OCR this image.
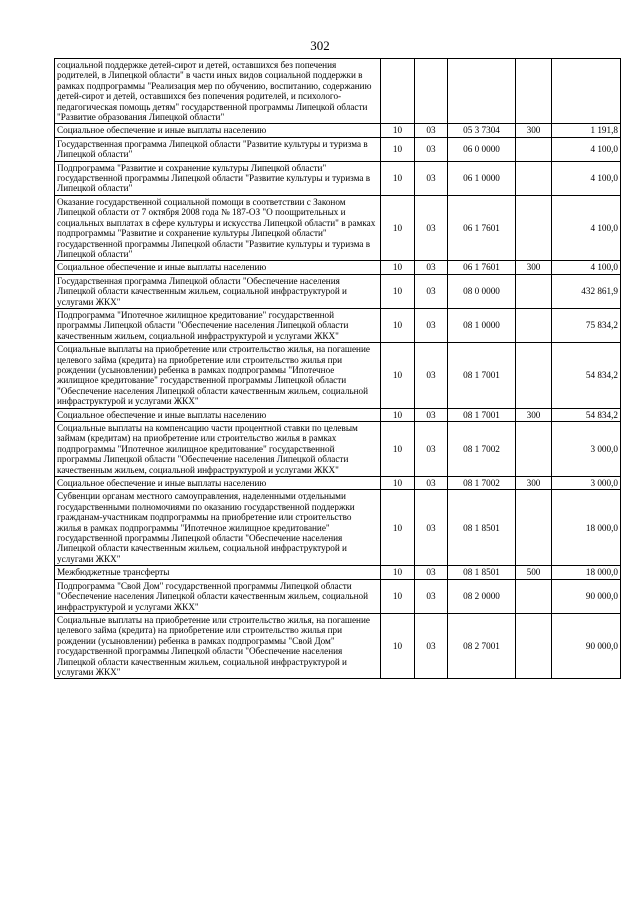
302
социальной поддержке детей-сирот и детей, оставшихся без попечения родителей, в Липецкой области" в части иных видов социальной поддержки в рамках подпрограммы "Реализация мер по обучению, воспитанию, содержанию детей-сирот и детей, оставшихся без попечения родителей, и психолого-педагогическая помощь детям" государственной программы Липецкой области "Развитие образования Липецкой области"					
Социальное обеспечение и иные выплаты населению	10	03	05 3 7304	300	1 191,8
Государственная программа Липецкой области "Развитие культуры и туризма в Липецкой области"	10	03	06 0 0000		4 100,0
Подпрограмма "Развитие и сохранение культуры Липецкой области" государственной программы Липецкой области "Развитие культуры и туризма в Липецкой области"	10	03	06 1 0000		4 100,0
Оказание государственной социальной помощи в соответствии с Законом Липецкой области от 7 октября 2008 года № 187-ОЗ "О поощрительных и социальных выплатах в сфере культуры и искусства Липецкой области" в рамках подпрограммы "Развитие и сохранение культуры Липецкой области" государственной программы Липецкой области "Развитие культуры и туризма в Липецкой области"	10	03	06 1 7601		4 100,0
Социальное обеспечение и иные выплаты населению	10	03	06 1 7601	300	4 100,0
Государственная программа Липецкой области "Обеспечение населения Липецкой области качественным жильем, социальной инфраструктурой и услугами ЖКХ"	10	03	08 0 0000		432 861,9
Подпрограмма "Ипотечное жилищное кредитование" государственной программы Липецкой области "Обеспечение населения Липецкой области качественным жильем, социальной инфраструктурой и услугами ЖКХ"	10	03	08 1 0000		75 834,2
Социальные выплаты на приобретение или строительство жилья, на погашение целевого займа (кредита) на приобретение или строительство жилья при рождении (усыновлении) ребенка в рамках подпрограммы "Ипотечное жилищное кредитование" государственной программы Липецкой области "Обеспечение населения Липецкой области качественным жильем, социальной инфраструктурой и услугами ЖКХ"	10	03	08 1 7001		54 834,2
Социальное обеспечение и иные выплаты населению	10	03	08 1 7001	300	54 834,2
Социальные выплаты на компенсацию части процентной ставки по целевым займам (кредитам) на приобретение или строительство жилья в рамках подпрограммы "Ипотечное жилищное кредитование" государственной программы Липецкой области "Обеспечение населения Липецкой области качественным жильем, социальной инфраструктурой и услугами ЖКХ"	10	03	08 1 7002		3 000,0
Социальное обеспечение и иные выплаты населению	10	03	08 1 7002	300	3 000,0
Субвенции органам местного самоуправления, наделенными отдельными государственными полномочиями по оказанию государственной поддержки гражданам-участникам подпрограммы на приобретение или строительство жилья в рамках подпрограммы "Ипотечное жилищное кредитование" государственной программы Липецкой области "Обеспечение населения Липецкой области качественным жильем, социальной инфраструктурой и услугами ЖКХ"	10	03	08 1 8501		18 000,0
Межбюджетные трансферты	10	03	08 1 8501	500	18 000,0
Подпрограмма "Свой Дом" государственной программы Липецкой области "Обеспечение населения Липецкой области качественным жильем, социальной инфраструктурой и услугами ЖКХ"	10	03	08 2 0000		90 000,0
Социальные выплаты на приобретение или строительство жилья, на погашение целевого займа (кредита) на приобретение или строительство жилья при рождении (усыновлении) ребенка в рамках подпрограммы "Свой Дом" государственной программы Липецкой области "Обеспечение населения Липецкой области качественным жильем, социальной инфраструктурой и услугами ЖКХ"	10	03	08 2 7001		90 000,0
